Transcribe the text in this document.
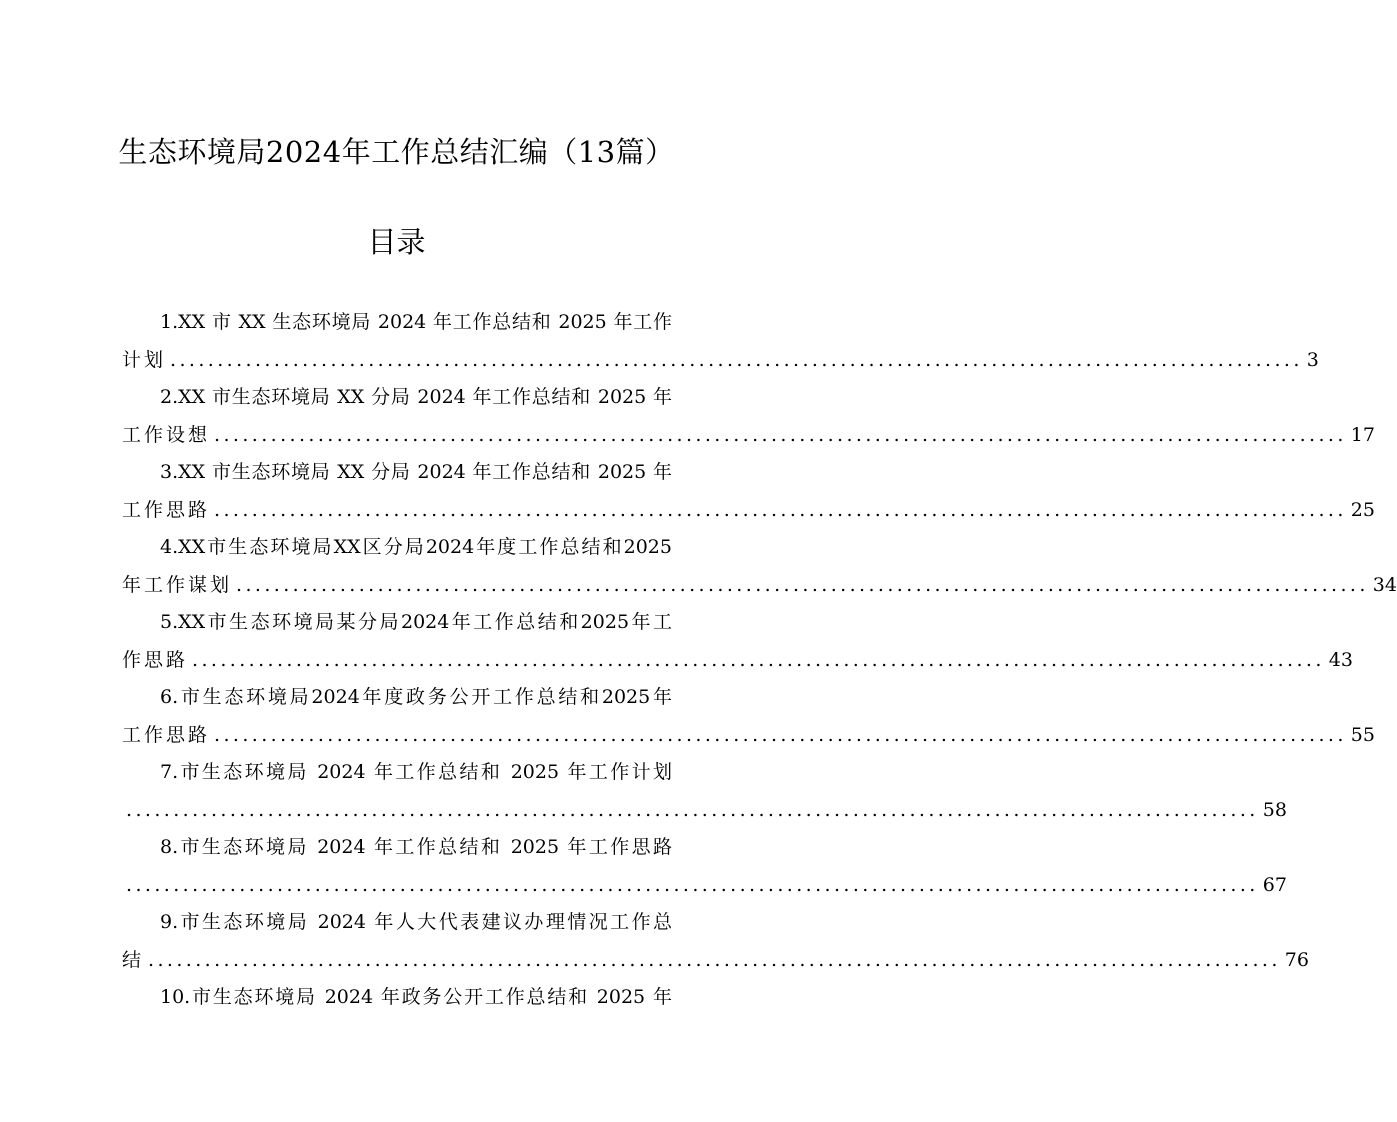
生态环境局2024年工作总结汇编（13篇）
目录
1.XX 市 XX 生态环境局 2024 年工作总结和 2025 年工作
计划 ........................................................................................................................ 3
2.XX 市生态环境局 XX 分局 2024 年工作总结和 2025 年
工作设想 ........................................................................................................................ 17
3.XX 市生态环境局 XX 分局 2024 年工作总结和 2025 年
工作思路 ........................................................................................................................ 25
4.XX市生态环境局XX区分局2024年度工作总结和2025
年工作谋划 ........................................................................................................................ 34
5.XX市生态环境局某分局2024年工作总结和2025年工
作思路 ........................................................................................................................ 43
6.市生态环境局2024年度政务公开工作总结和2025年
工作思路 ........................................................................................................................ 55
7.市生态环境局 2024 年工作总结和 2025 年工作计划
........................................................................................................................ 58
8.市生态环境局 2024 年工作总结和 2025 年工作思路
........................................................................................................................ 67
9.市生态环境局 2024 年人大代表建议办理情况工作总
结 ........................................................................................................................ 76
10.市生态环境局 2024 年政务公开工作总结和 2025 年
